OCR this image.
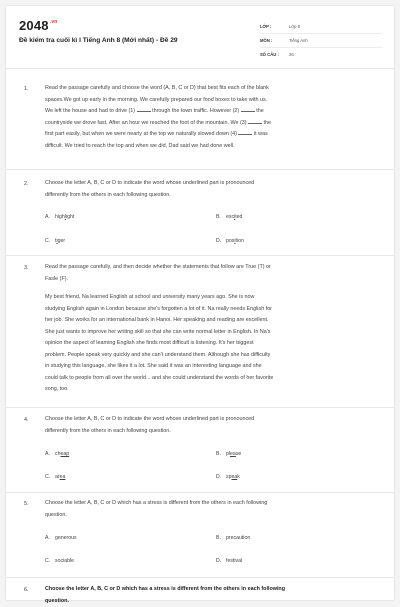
$2048^{.vn}$
Đề kiểm tra cuối kì I Tiếng Anh 8 (Mới nhất) - Đề 29
LỚP :	Lớp 8
MÔN :	Tiếng Anh
SỐ CÂU :	26
1.	Read the passage carefully and choose the word (A, B, C or D) that best fits each of the blank
spaces.We got up early in the morning. We carefully prepared our food boxes to take with us.
We left the house and had to drive (1)	through the town traffic. However (2)	the
countryside we drove fast. After an hour we reached the foot of the mountain. We (3)	the
first part easily, but when we were nearly at the top we naturally slowed down (4)	it was
difficult. We tried to reach the top and when we did, Dad said we had done well.
2.	Choose the letter A, B, C or D to indicate the word whose underlined part is pronounced
differently from the others in each following question.
A. highlight	B. excited
C. tiger	D. position
3.	Read the passage carefully, and then decide whether the statements that follow are True (T) or
Fasle (F).
My best friend, Na learned English at school and university many years ago. She is now
studying English again in London because she's forgotten a lot of it. Na really needs English for
her job. She works for an international bank in Hanoi. Her speaking and reading are excellent.
She just wants to improve her writing skill so that she can write normal letter in English. In Na's
opinion the aspect of learning English she finds most difficult is listening. It's her biggest
problem. People speak very quickly and she can't understand them. Although she has difficulty
in studying this language, she likes it a lot. She said it was an interesting language and she
could talk to people from all over the world... and she could understand the words of her favorite
song, too.
4.	Choose the letter A, B, C or D to indicate the word whose underlined part is pronounced
differently from the others in each following question.
A. cheap	B. please
C. area	D. speak
5.	Choose the letter A, B, C or D which has a stress is different from the others in each following
question.
A. generous	B. precaution
C. sociable	D. festival
6.	Choose the letter A, B, C or D which has a stress is different from the others in each following
question.
